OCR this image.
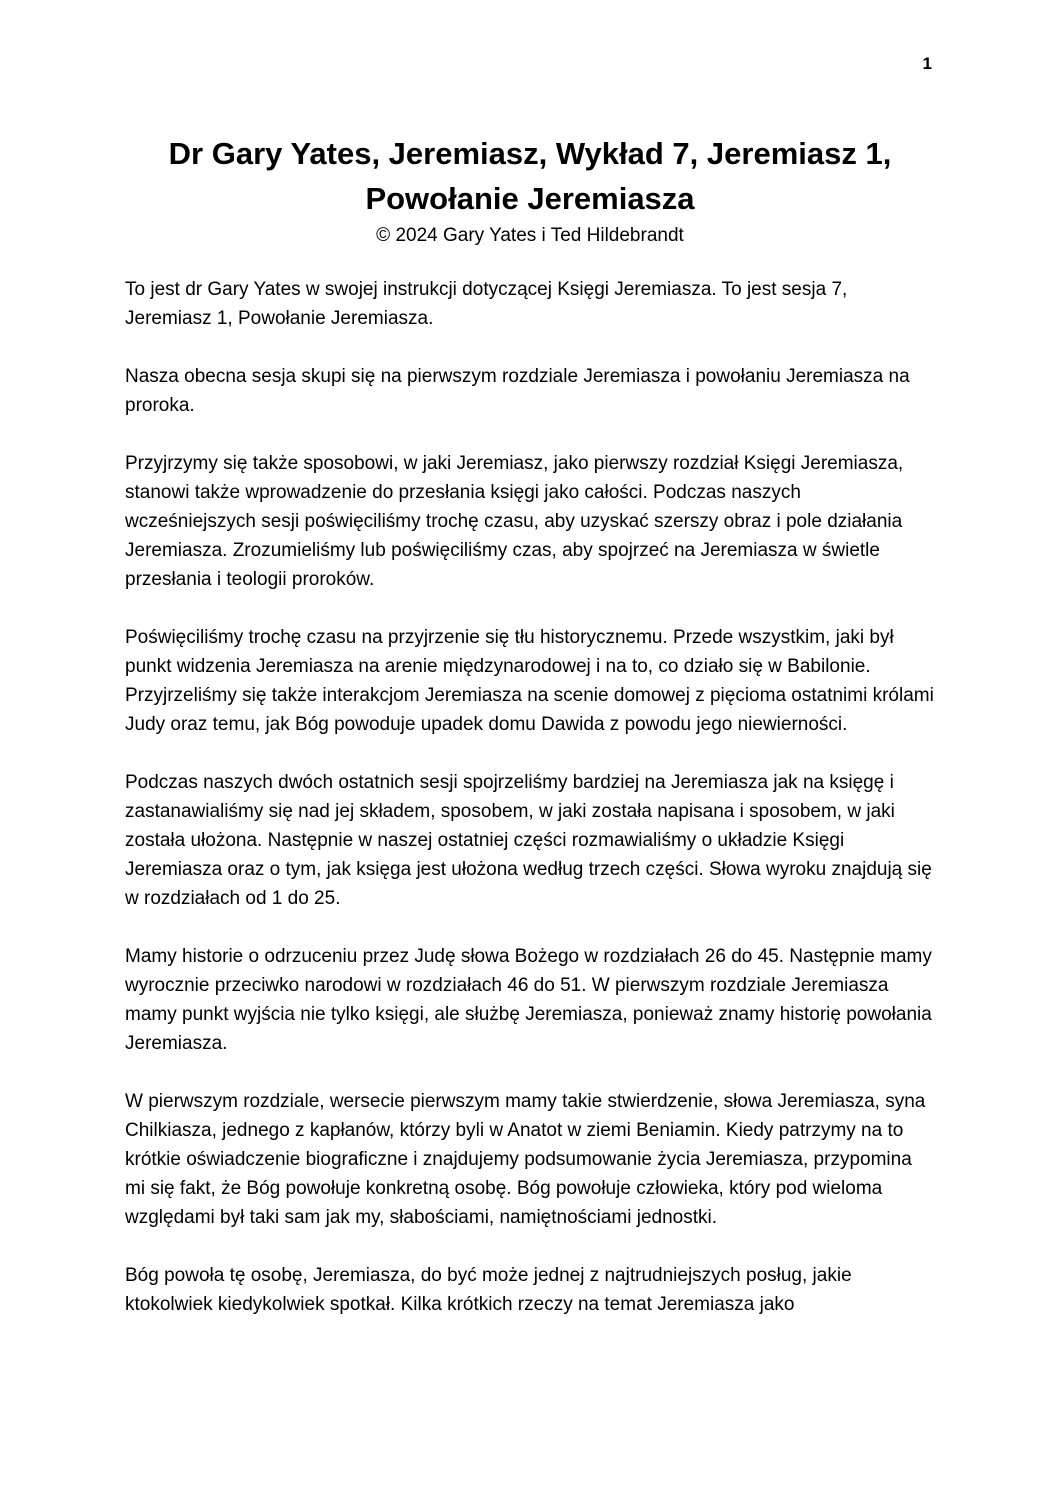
1
Dr Gary Yates, Jeremiasz, Wykład 7, Jeremiasz 1,
Powołanie Jeremiasza
© 2024 Gary Yates i Ted Hildebrandt

To jest dr Gary Yates w swojej instrukcji dotyczącej Księgi Jeremiasza. To jest sesja 7, Jeremiasz 1, Powołanie Jeremiasza.

Nasza obecna sesja skupi się na pierwszym rozdziale Jeremiasza i powołaniu Jeremiasza na proroka.

Przyjrzymy się także sposobowi, w jaki Jeremiasz, jako pierwszy rozdział Księgi Jeremiasza, stanowi także wprowadzenie do przesłania księgi jako całości. Podczas naszych wcześniejszych sesji poświęciliśmy trochę czasu, aby uzyskać szerszy obraz i pole działania Jeremiasza. Zrozumieliśmy lub poświęciliśmy czas, aby spojrzeć na Jeremiasza w świetle przesłania i teologii proroków.

Poświęciliśmy trochę czasu na przyjrzenie się tłu historycznemu. Przede wszystkim, jaki był punkt widzenia Jeremiasza na arenie międzynarodowej i na to, co działo się w Babilonie. Przyjrzeliśmy się także interakcjom Jeremiasza na scenie domowej z pięcioma ostatnimi królami Judy oraz temu, jak Bóg powoduje upadek domu Dawida z powodu jego niewierności.

Podczas naszych dwóch ostatnich sesji spojrzeliśmy bardziej na Jeremiasza jak na księgę i zastanawialiśmy się nad jej składem, sposobem, w jaki została napisana i sposobem, w jaki została ułożona. Następnie w naszej ostatniej części rozmawialiśmy o układzie Księgi Jeremiasza oraz o tym, jak księga jest ułożona według trzech części. Słowa wyroku znajdują się w rozdziałach od 1 do 25.

Mamy historie o odrzuceniu przez Judę słowa Bożego w rozdziałach 26 do 45. Następnie mamy wyrocznie przeciwko narodowi w rozdziałach 46 do 51. W pierwszym rozdziale Jeremiasza mamy punkt wyjścia nie tylko księgi, ale służbę Jeremiasza, ponieważ znamy historię powołania Jeremiasza.

W pierwszym rozdziale, wersecie pierwszym mamy takie stwierdzenie, słowa Jeremiasza, syna Chilkiasza, jednego z kapłanów, którzy byli w Anatot w ziemi Beniamin. Kiedy patrzymy na to krótkie oświadczenie biograficzne i znajdujemy podsumowanie życia Jeremiasza, przypomina mi się fakt, że Bóg powołuje konkretną osobę. Bóg powołuje człowieka, który pod wieloma względami był taki sam jak my, słabościami, namiętnościami jednostki.

Bóg powoła tę osobę, Jeremiasza, do być może jednej z najtrudniejszych posług, jakie ktokolwiek kiedykolwiek spotkał. Kilka krótkich rzeczy na temat Jeremiasza jako
